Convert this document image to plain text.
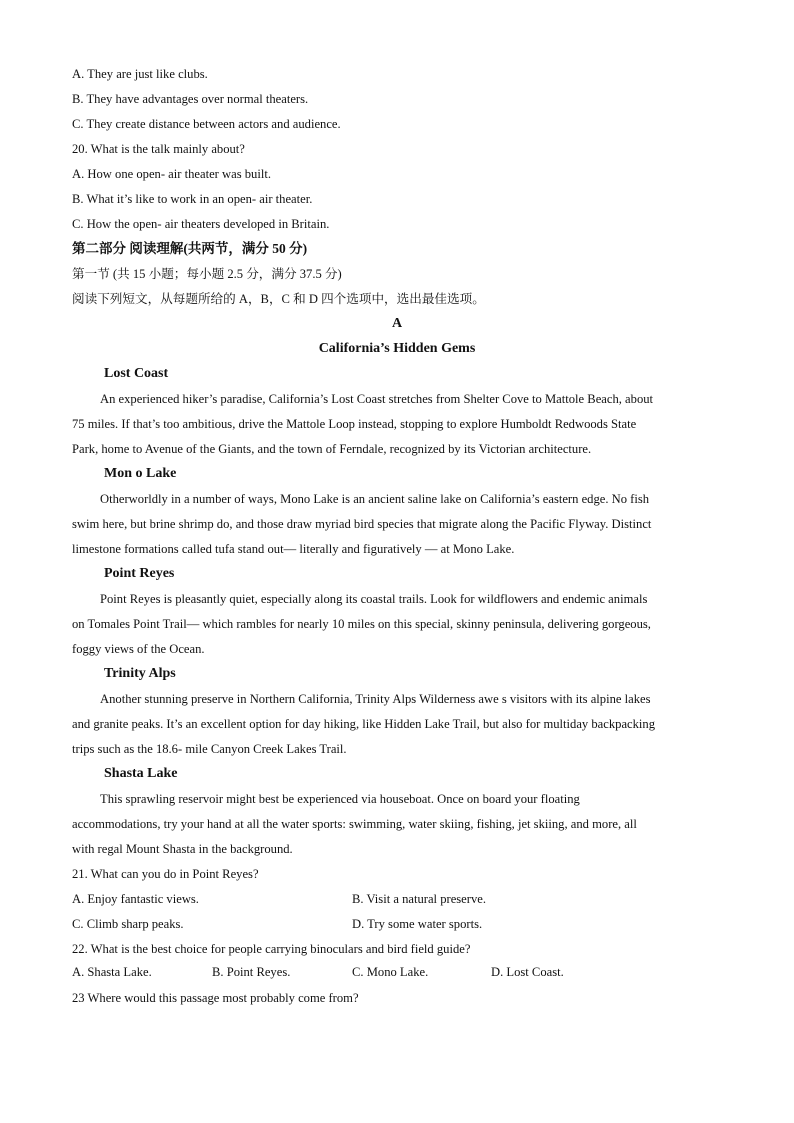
A. They are just like clubs.
B. They have advantages over normal theaters.
C. They create distance between actors and audience.
20. What is the talk mainly about?
A. How one open- air theater was built.
B. What it’s like to work in an open- air theater.
C. How the open- air theaters developed in Britain.
第二部分 阅读理解(共两节，满分 50 分)
第一节 (共 15 小题；每小题 2.5 分，满分 37.5 分)
阅读下列短文，从每题所给的 A，B，C 和 D 四个选项中，选出最佳选项。
A
California’s Hidden Gems
Lost Coast
An experienced hiker’s paradise, California’s Lost Coast stretches from Shelter Cove to Mattole Beach, about
75 miles. If that’s too ambitious, drive the Mattole Loop instead, stopping to explore Humboldt Redwoods State
Park, home to Avenue of the Giants, and the town of Ferndale, recognized by its Victorian architecture.
Mon o Lake
Otherworldly in a number of ways, Mono Lake is an ancient saline lake on California’s eastern edge. No fish
swim here, but brine shrimp do, and those draw myriad bird species that migrate along the Pacific Flyway. Distinct
limestone formations called tufa stand out— literally and figuratively — at Mono Lake.
Point Reyes
Point Reyes is pleasantly quiet, especially along its coastal trails. Look for wildflowers and endemic animals
on Tomales Point Trail— which rambles for nearly 10 miles on this special, skinny peninsula, delivering gorgeous,
foggy views of the Ocean.
Trinity Alps
Another stunning preserve in Northern California, Trinity Alps Wilderness awe s visitors with its alpine lakes
and granite peaks. It’s an excellent option for day hiking, like Hidden Lake Trail, but also for multiday backpacking
trips such as the 18.6- mile Canyon Creek Lakes Trail.
Shasta Lake
This sprawling reservoir might best be experienced via houseboat. Once on board your floating
accommodations, try your hand at all the water sports: swimming, water skiing, fishing, jet skiing, and more, all
with regal Mount Shasta in the background.
21. What can you do in Point Reyes?
A. Enjoy fantastic views.	B. Visit a natural preserve.
C. Climb sharp peaks.	D. Try some water sports.
22. What is the best choice for people carrying binoculars and bird field guide?
A. Shasta Lake.	B. Point Reyes.	C. Mono Lake.	D. Lost Coast.
23 Where would this passage most probably come from?
